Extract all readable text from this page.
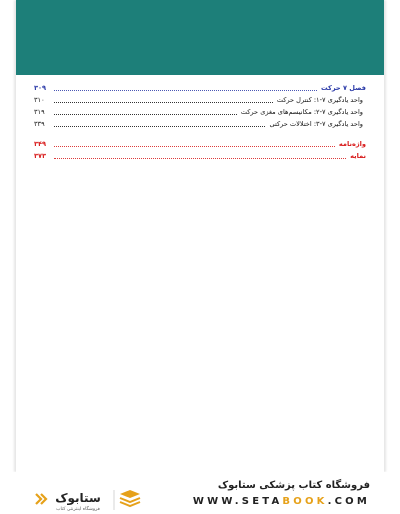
فصل ۷ حرکت
۳۰۹
واحد یادگیری ۷-۱: کنترل حرکت
۳۱۰
واحد یادگیری ۷-۲: مکانیسم‌های مغزی حرکت
۳۱۹
واحد یادگیری ۷-۳: اختلالات حرکتی
۳۳۹
واژه‌نامه
۳۴۹
نمایه
۳۷۳
ستابوک
فروشگاه اینترنتی کتاب
فروشگاه کتاب پزشکی ستابوک
WWW.SETABOOK.COM
